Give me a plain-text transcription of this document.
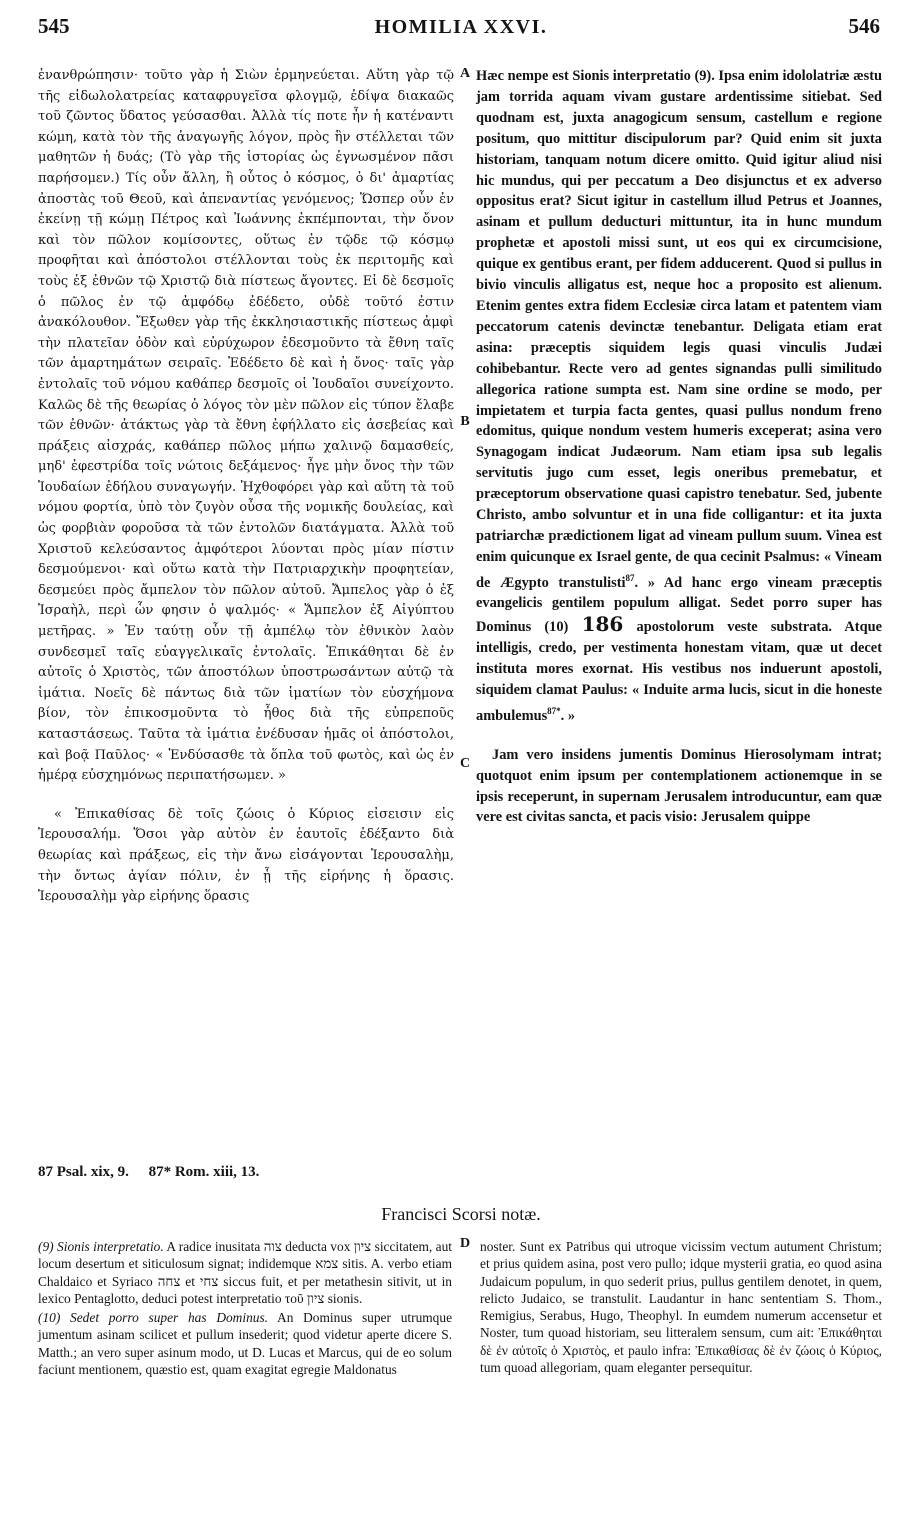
545	HOMILIA XXVI.	546

ἐνανθρώπησιν· τοῦτο γὰρ ἡ Σιὼν ἑρμηνεύεται. Αὕτη γὰρ τῷ τῆς εἰδωλολατρείας καταφρυγεῖσα φλογμῷ, ἐδίψα διακαῶς τοῦ ζῶντος ὕδατος γεύσασθαι. Ἀλλὰ τίς ποτε ἦν ἡ κατέναντι κώμη, κατὰ τὸν τῆς ἀναγωγῆς λόγον, πρὸς ἣν στέλλεται τῶν μαθητῶν ἡ δυάς; (Τὸ γὰρ τῆς ἱστορίας ὡς ἐγνωσμένον πᾶσι παρήσομεν.) Τίς οὖν ἄλλη, ἢ οὗτος ὁ κόσμος, ὁ δι' ἁμαρτίας ἀποστὰς τοῦ Θεοῦ, καὶ ἀπεναντίας γενόμενος; Ὥσπερ οὖν ἐν ἐκείνῃ τῇ κώμῃ Πέτρος καὶ Ἰωάννης ἐκπέμπονται, τὴν ὄνον καὶ τὸν πῶλον κομίσοντες, οὕτως ἐν τῷδε τῷ κόσμῳ προφῆται καὶ ἀπόστολοι στέλλονται τοὺς ἐκ περιτομῆς καὶ τοὺς ἐξ ἐθνῶν τῷ Χριστῷ διὰ πίστεως ἄγοντες. Εἰ δὲ δεσμοῖς ὁ πῶλος ἐν τῷ ἀμφόδῳ ἐδέδετο, οὐδὲ τοῦτό ἐστιν ἀνακόλουθον. Ἔξωθεν γὰρ τῆς ἐκκλησιαστικῆς πίστεως ἀμφὶ τὴν πλατεῖαν ὁδὸν καὶ εὐρύχωρον ἐδεσμοῦντο τὰ ἔθνη ταῖς τῶν ἁμαρτημάτων σειραῖς. Ἐδέδετο δὲ καὶ ἡ ὄνος· ταῖς γὰρ ἐντολαῖς τοῦ νόμου καθάπερ δεσμοῖς οἱ Ἰουδαῖοι συνείχοντο. Καλῶς δὲ τῆς θεωρίας ὁ λόγος τὸν μὲν πῶλον εἰς τύπον ἔλαβε τῶν ἐθνῶν· ἀτάκτως γὰρ τὰ ἔθνη ἐφήλλατο εἰς ἀσεβείας καὶ πράξεις αἰσχράς, καθάπερ πῶλος μήπω χαλινῷ δαμασθείς, μηδ' ἐφεστρίδα τοῖς νώτοις δεξάμενος· ἦγε μὴν ὄνος τὴν τῶν Ἰουδαίων ἐδήλου συναγωγήν. Ἠχθοφόρει γὰρ καὶ αὕτη τὰ τοῦ νόμου φορτία, ὑπὸ τὸν ζυγὸν οὖσα τῆς νομικῆς δουλείας, καὶ ὡς φορβιὰν φοροῦσα τὰ τῶν ἐντολῶν διατάγματα. Ἀλλὰ τοῦ Χριστοῦ κελεύσαντος ἀμφότεροι λύονται πρὸς μίαν πίστιν δεσμούμενοι· καὶ οὕτω κατὰ τὴν Πατριαρχικὴν προφητείαν, δεσμεύει πρὸς ἄμπελον τὸν πῶλον αὐτοῦ. Ἄμπελος γὰρ ὁ ἐξ Ἰσραὴλ, περὶ ὧν φησιν ὁ ψαλμός· « Ἄμπελον ἐξ Αἰγύπτου μετῆρας. » Ἐν ταύτῃ οὖν τῇ ἀμπέλῳ τὸν ἐθνικὸν λαὸν συνδεσμεῖ ταῖς εὐαγγελικαῖς ἐντολαῖς. Ἐπικάθηται δὲ ἐν αὐτοῖς ὁ Χριστὸς, τῶν ἀποστόλων ὑποστρωσάντων αὐτῷ τὰ ἱμάτια. Νοεῖς δὲ πάντως διὰ τῶν ἱματίων τὸν εὐσχήμονα βίον, τὸν ἐπικοσμοῦντα τὸ ἦθος διὰ τῆς εὐπρεποῦς καταστάσεως. Ταῦτα τὰ ἱμάτια ἐνέδυσαν ἡμᾶς οἱ ἀπόστολοι, καὶ βοᾷ Παῦλος· « Ἐνδύσασθε τὰ ὅπλα τοῦ φωτὸς, καὶ ὡς ἐν ἡμέρᾳ εὐσχημόνως περιπατήσωμεν. »

« Ἐπικαθίσας δὲ τοῖς ζώοις ὁ Κύριος εἰσεισιν εἰς Ἱερουσαλήμ. Ὅσοι γὰρ αὐτὸν ἐν ἑαυτοῖς ἐδέξαντο διὰ θεωρίας καὶ πράξεως, εἰς τὴν ἄνω εἰσάγονται Ἱερουσαλὴμ, τὴν ὄντως ἁγίαν πόλιν, ἐν ᾗ τῆς εἰρήνης ἡ ὅρασις. Ἱερουσαλὴμ γὰρ εἰρήνης ὅρασις

A
B
C
D

Hæc nempe est Sionis interpretatio (9). Ipsa enim idololatriæ æstu jam torrida aquam vivam gustare ardentissime sitiebat. Sed quodnam est, juxta anagogicum sensum, castellum e regione positum, quo mittitur discipulorum par? Quid enim sit juxta historiam, tanquam notum dicere omitto. Quid igitur aliud nisi hic mundus, qui per peccatum a Deo disjunctus et ex adverso oppositus erat? Sicut igitur in castellum illud Petrus et Joannes, asinam et pullum deducturi mittuntur, ita in hunc mundum prophetæ et apostoli missi sunt, ut eos qui ex circumcisione, quique ex gentibus erant, per fidem adducerent. Quod si pullus in bivio vinculis alligatus est, neque hoc a proposito est alienum. Etenim gentes extra fidem Ecclesiæ circa latam et patentem viam peccatorum catenis devinctæ tenebantur. Deligata etiam erat asina: præceptis siquidem legis quasi vinculis Judæi cohibebantur. Recte vero ad gentes signandas pulli similitudo allegorica ratione sumpta est. Nam sine ordine se modo, per impietatem et turpia facta gentes, quasi pullus nondum freno edomitus, quique nondum vestem humeris exceperat; asina vero Synagogam indicat Judæorum. Nam etiam ipsa sub legalis servitutis jugo cum esset, legis oneribus premebatur, et præceptorum observatione quasi capistro tenebatur. Sed, jubente Christo, ambo solvuntur et in una fide colligantur: et ita juxta patriarchæ prædictionem ligat ad vineam pullum suum. Vinea est enim quicunque ex Israel gente, de qua cecinit Psalmus: « Vineam de Ægypto transtulisti$^{87}$. » Ad hanc ergo vineam præceptis evangelicis gentilem populum alligat. Sedet porro super has Dominus (10) 186 apostolorum veste substrata. Atque intelligis, credo, per vestimenta honestam vitam, quæ ut decet instituta mores exornat. His vestibus nos induerunt apostoli, siquidem clamat Paulus: « Induite arma lucis, sicut in die honeste ambulemus$^{87*}$. »

Jam vero insidens jumentis Dominus Hierosolymam intrat; quotquot enim ipsum per contemplationem actionemque in se ipsis receperunt, in supernam Jerusalem introducuntur, eam quæ vere est civitas sancta, et pacis visio: Jerusalem quippe

87 Psal. xix, 9. 87* Rom. xiii, 13.
Francisci Scorsi notæ.

(9) Sionis interpretatio. A radice inusitata צוה deducta vox ציון siccitatem, aut locum desertum et siticulosum signat; indidemque צמא sitis. A. verbo etiam Chaldaico et Syriaco צחה et צחי siccus fuit, et per metathesin sitivit, ut in lexico Pentaglotto, deduci potest interpretatio τοῦ ציון sionis.

(10) Sedet porro super has Dominus. An Dominus super utrumque jumentum asinam scilicet et pullum insederit; quod videtur aperte dicere S. Matth.; an vero super asinum modo, ut D. Lucas et Marcus, qui de eo solum faciunt mentionem, quæstio est, quam exagitat egregie Maldonatus

noster. Sunt ex Patribus qui utroque vicissim vectum autument Christum; et prius quidem asina, post vero pullo; idque mysterii gratia, eo quod asina Judaicum populum, in quo sederit prius, pullus gentilem denotet, in quem, relicto Judaico, se transtulit. Laudantur in hanc sententiam S. Thom., Remigius, Serabus, Hugo, Theophyl. In eumdem numerum accensetur et Noster, tum quoad historiam, seu litteralem sensum, cum ait: Ἐπικάθηται δὲ ἐν αὐτοῖς ὁ Χριστὸς, et paulo infra: Ἐπικαθίσας δὲ ἐν ζώοις ὁ Κύριος, tum quoad allegoriam, quam eleganter persequitur.
